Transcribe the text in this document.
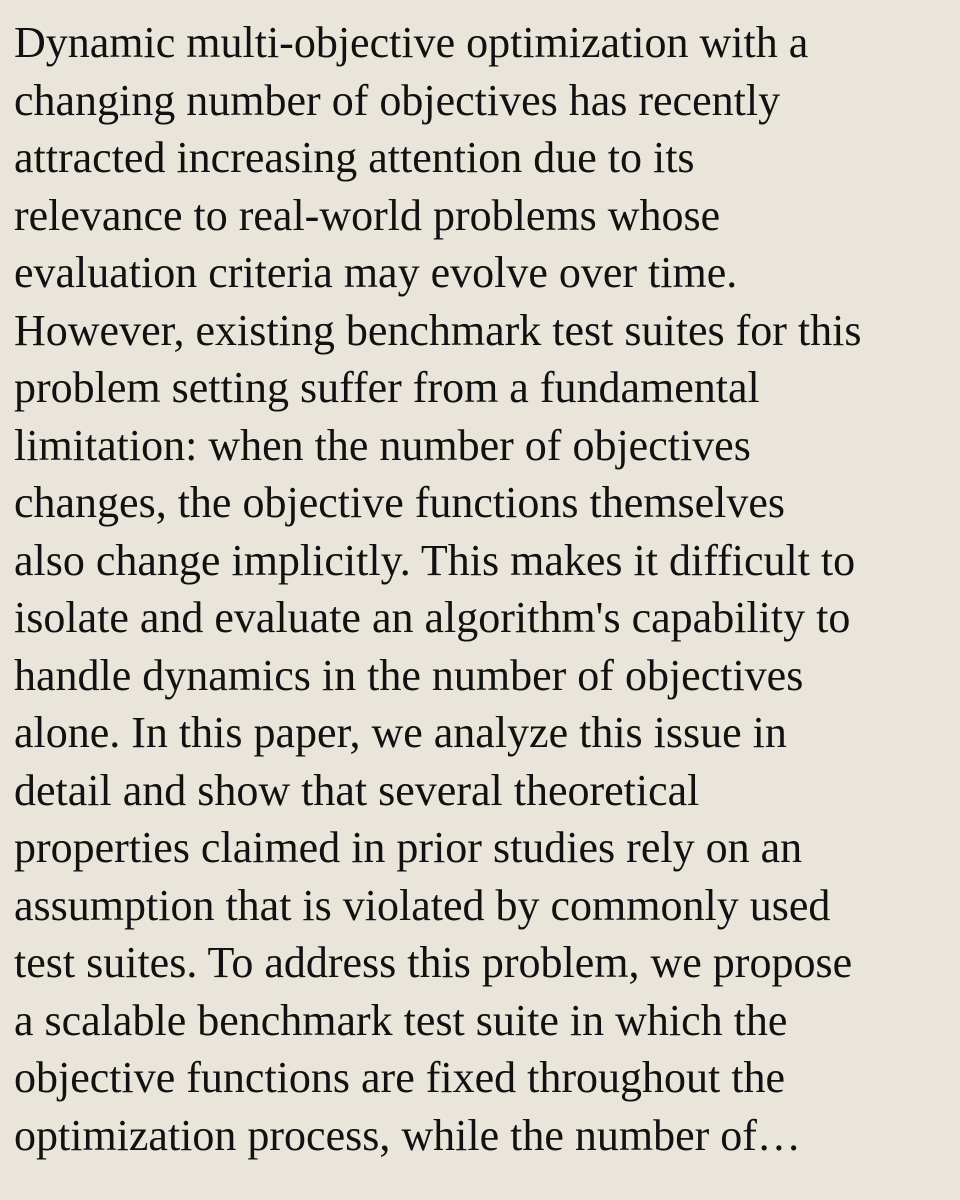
Dynamic multi-objective optimization with a
changing number of objectives has recently
attracted increasing attention due to its
relevance to real-world problems whose
evaluation criteria may evolve over time.
However, existing benchmark test suites for this
problem setting suffer from a fundamental
limitation: when the number of objectives
changes, the objective functions themselves
also change implicitly. This makes it difficult to
isolate and evaluate an algorithm's capability to
handle dynamics in the number of objectives
alone. In this paper, we analyze this issue in
detail and show that several theoretical
properties claimed in prior studies rely on an
assumption that is violated by commonly used
test suites. To address this problem, we propose
a scalable benchmark test suite in which the
objective functions are fixed throughout the
optimization process, while the number of…
